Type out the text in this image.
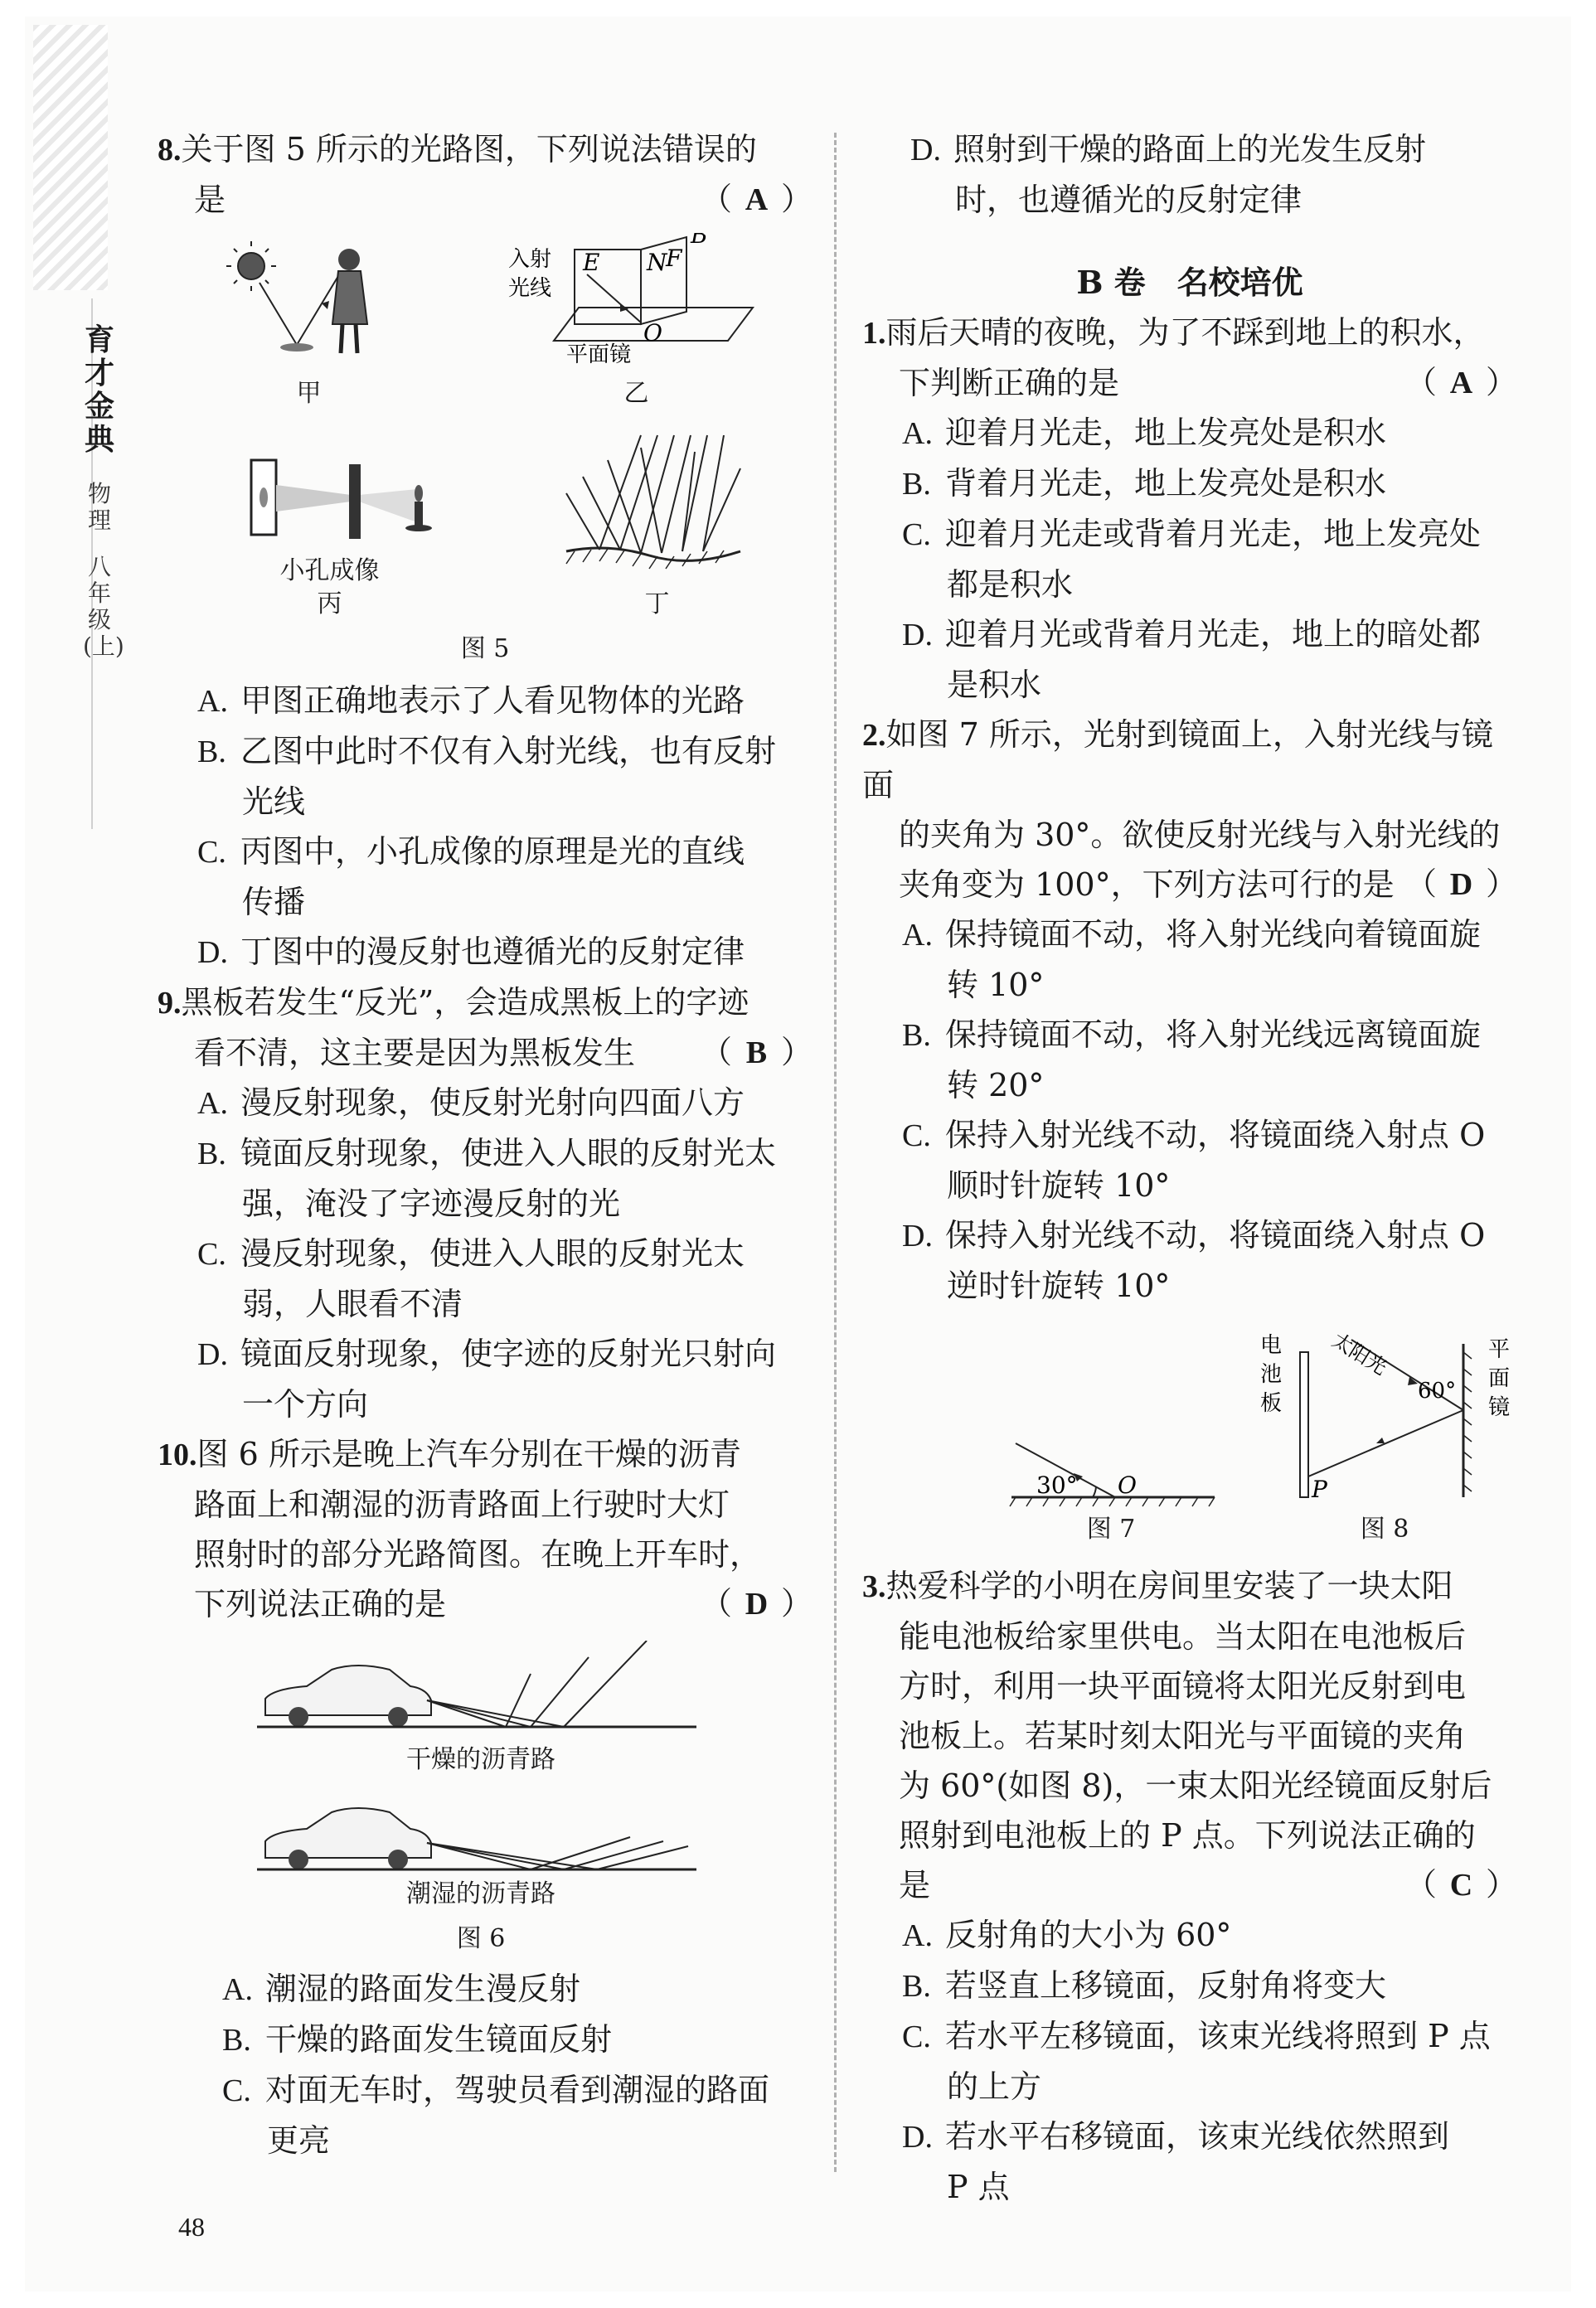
育才金典
物理
八年级(上)
8.关于图 5 所示的光路图，下列说法错误的
是	（ A ）
甲
入射
光线
E N
F
B
O
平面镜
乙
小孔成像
丙	丁
图 5
A. 甲图正确地表示了人看见物体的光路
B. 乙图中此时不仅有入射光线，也有反射
光线
C. 丙图中，小孔成像的原理是光的直线
传播
D. 丁图中的漫反射也遵循光的反射定律
9.黑板若发生“反光”，会造成黑板上的字迹
看不清，这主要是因为黑板发生 （ B ）
A. 漫反射现象，使反射光射向四面八方
B. 镜面反射现象，使进入人眼的反射光太
强，淹没了字迹漫反射的光
C. 漫反射现象，使进入人眼的反射光太
弱，人眼看不清
D. 镜面反射现象，使字迹的反射光只射向
一个方向
10.图 6 所示是晚上汽车分别在干燥的沥青
路面上和潮湿的沥青路面上行驶时大灯
照射时的部分光路简图。在晚上开车时，
下列说法正确的是	（ D ）
干燥的沥青路
潮湿的沥青路
图 6
A. 潮湿的路面发生漫反射
B. 干燥的路面发生镜面反射
C. 对面无车时，驾驶员看到潮湿的路面
更亮
D. 照射到干燥的路面上的光发生反射
时，也遵循光的反射定律
B 卷　名校培优
1.雨后天晴的夜晚，为了不踩到地上的积水，
下判断正确的是	（ A ）
A. 迎着月光走，地上发亮处是积水
B. 背着月光走，地上发亮处是积水
C. 迎着月光走或背着月光走，地上发亮处
都是积水
D. 迎着月光或背着月光走，地上的暗处都
是积水
2.如图 7 所示，光射到镜面上，入射光线与镜面
的夹角为 30°。欲使反射光线与入射光线的
夹角变为 100°，下列方法可行的是 （ D ）
A. 保持镜面不动，将入射光线向着镜面旋
转 10°
B. 保持镜面不动，将入射光线远离镜面旋
转 20°
C. 保持入射光线不动，将镜面绕入射点 O
顺时针旋转 10°
D. 保持入射光线不动，将镜面绕入射点 O
逆时针旋转 10°
30° O
图 7
电
池
板
太阳光
60°
平
面
镜
P
图 8
3.热爱科学的小明在房间里安装了一块太阳
能电池板给家里供电。当太阳在电池板后
方时，利用一块平面镜将太阳光反射到电
池板上。若某时刻太阳光与平面镜的夹角
为 60°(如图 8)，一束太阳光经镜面反射后
照射到电池板上的 P 点。下列说法正确的
是	（ C ）
A. 反射角的大小为 60°
B. 若竖直上移镜面，反射角将变大
C. 若水平左移镜面，该束光线将照到 P 点
的上方
D. 若水平右移镜面，该束光线依然照到
P 点
48
